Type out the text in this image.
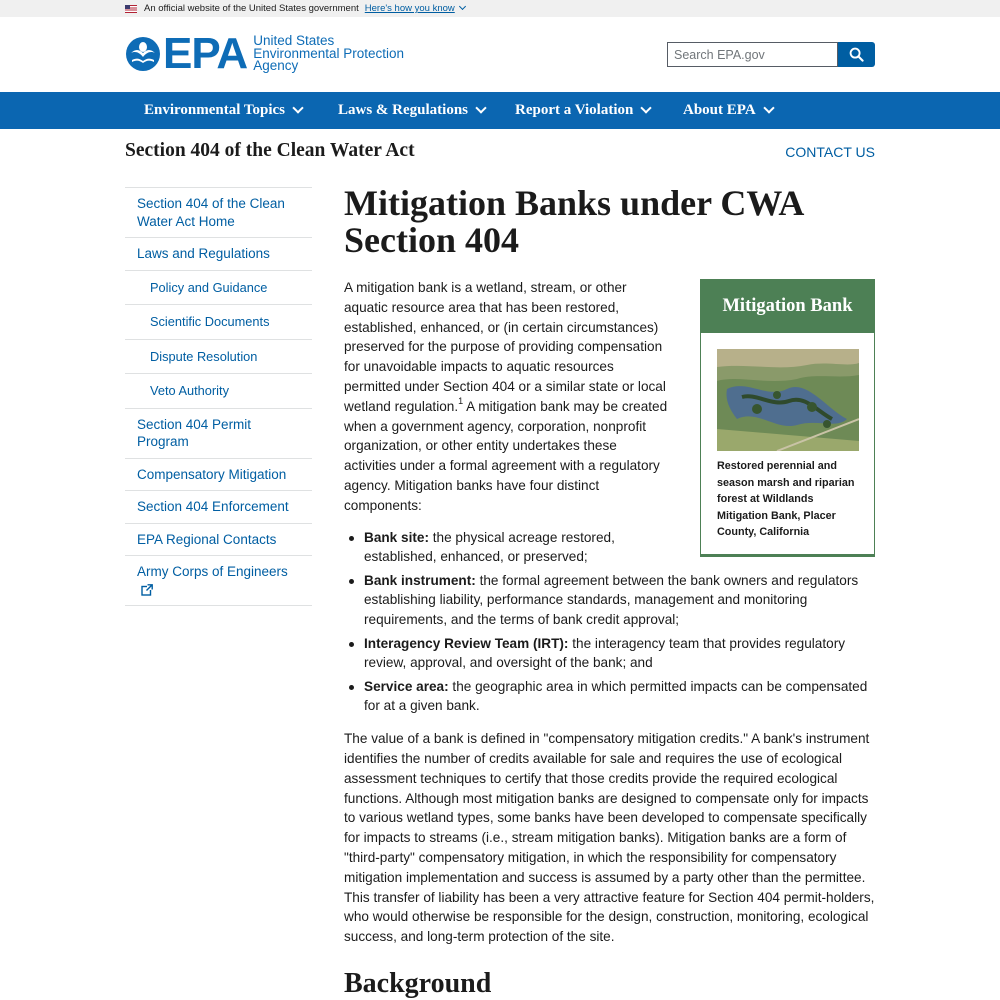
An official website of the United States government Here's how you know
EPA United States
Environmental Protection
Agency
Search EPA.gov
Environmental Topics	Laws & Regulations	Report a Violation	About EPA
Section 404 of the Clean Water Act	CONTACT US
Section 404 of the Clean Water Act Home
Laws and Regulations
Policy and Guidance
Scientific Documents
Dispute Resolution
Veto Authority
Section 404 Permit Program
Compensatory Mitigation
Section 404 Enforcement
EPA Regional Contacts
Army Corps of Engineers
Mitigation Banks under CWA Section 404

A mitigation bank is a wetland, stream, or other aquatic resource area that has been restored, established, enhanced, or (in certain circumstances) preserved for the purpose of providing compensation for unavoidable impacts to aquatic resources permitted under Section 404 or a similar state or local wetland regulation.$^1$ A mitigation bank may be created when a government agency, corporation, nonprofit organization, or other entity undertakes these activities under a formal agreement with a regulatory agency. Mitigation banks have four distinct components:

Bank site: the physical acreage restored, established, enhanced, or preserved;
Bank instrument: the formal agreement between the bank owners and regulators establishing liability, performance standards, management and monitoring requirements, and the terms of bank credit approval;
Interagency Review Team (IRT): the interagency team that provides regulatory review, approval, and oversight of the bank; and
Service area: the geographic area in which permitted impacts can be compensated for at a given bank.

The value of a bank is defined in "compensatory mitigation credits." A bank's instrument identifies the number of credits available for sale and requires the use of ecological assessment techniques to certify that those credits provide the required ecological functions. Although most mitigation banks are designed to compensate only for impacts to various wetland types, some banks have been developed to compensate specifically for impacts to streams (i.e., stream mitigation banks). Mitigation banks are a form of "third-party" compensatory mitigation, in which the responsibility for compensatory mitigation implementation and success is assumed by a party other than the permittee. This transfer of liability has been a very attractive feature for Section 404 permit-holders, who would otherwise be responsible for the design, construction, monitoring, ecological success, and long-term protection of the site.

Background
Mitigation Bank
Restored perennial and season marsh and riparian forest at Wildlands Mitigation Bank, Placer County, California
